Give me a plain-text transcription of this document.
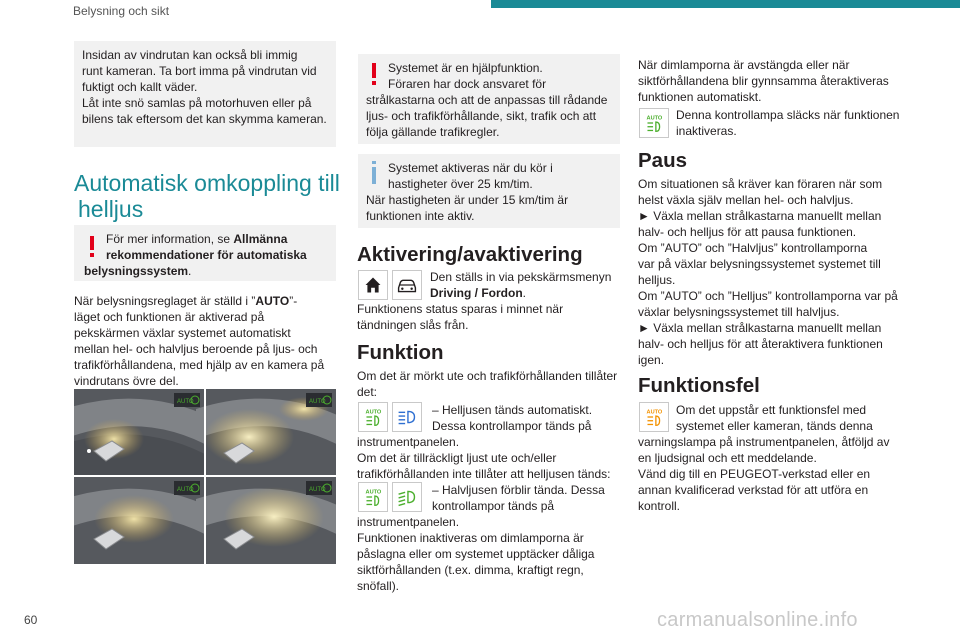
Belysning och sikt
Insidan av vindrutan kan också bli immig
runt kameran. Ta bort imma på vindrutan vid
fuktigt och kallt väder.
Låt inte snö samlas på motorhuven eller på
bilens tak eftersom det kan skymma kameran.
Automatisk omkoppling till
helljus
För mer information, se Allmänna
rekommendationer för automatiska
belysningssystem.
När belysningsreglaget är ställd i ”AUTO”-
läget och funktionen är aktiverad på
pekskärmen växlar systemet automatiskt
mellan hel- och halvljus beroende på ljus- och
trafikförhållandena, med hjälp av en kamera på
vindrutans övre del.
AUTO	AUTO
AUTO	AUTO
Systemet är en hjälpfunktion.
Föraren har dock ansvaret för
strålkastarna och att de anpassas till rådande
ljus- och trafikförhållande, sikt, trafik och att
följa gällande trafikregler.
Systemet aktiveras när du kör i
hastigheter över 25 km/tim.
När hastigheten är under 15 km/tim är
funktionen inte aktiv.
Aktivering/avaktivering
Den ställs in via pekskärmsmenyn
Driving / Fordon.
Funktionens status sparas i minnet när
tändningen slås från.
Funktion
Om det är mörkt ute och trafikförhållanden tillåter
det:
AUTO	– Helljusen tänds automatiskt.
Dessa kontrollampor tänds på
instrumentpanelen.
Om det är tillräckligt ljust ute och/eller
trafikförhållanden inte tillåter att helljusen tänds:
AUTO	– Halvljusen förblir tända. Dessa
kontrollampor tänds på
instrumentpanelen.
Funktionen inaktiveras om dimlamporna är
påslagna eller om systemet upptäcker dåliga
siktförhållanden (t.ex. dimma, kraftigt regn,
snöfall).
När dimlamporna är avstängda eller när
siktförhållandena blir gynnsamma återaktiveras
funktionen automatiskt.
AUTO Denna kontrollampa släcks när funktionen
inaktiveras.
Paus
Om situationen så kräver kan föraren när som
helst växla själv mellan hel- och halvljus.
► Växla mellan strålkastarna manuellt mellan
halv- och helljus för att pausa funktionen.
Om ”AUTO” och ”Halvljus” kontrollamporna
var på växlar belysningssystemet systemet till
helljus.
Om ”AUTO” och ”Helljus” kontrollamporna var på
växlar belysningssystemet till halvljus.
► Växla mellan strålkastarna manuellt mellan
halv- och helljus för att återaktivera funktionen
igen.
Funktionsfel
AUTO Om det uppstår ett funktionsfel med
systemet eller kameran, tänds denna
varningslampa på instrumentpanelen, åtföljd av
en ljudsignal och ett meddelande.
Vänd dig till en PEUGEOT-verkstad eller en
annan kvalificerad verkstad för att utföra en
kontroll.
60	carmanualsonline.info
